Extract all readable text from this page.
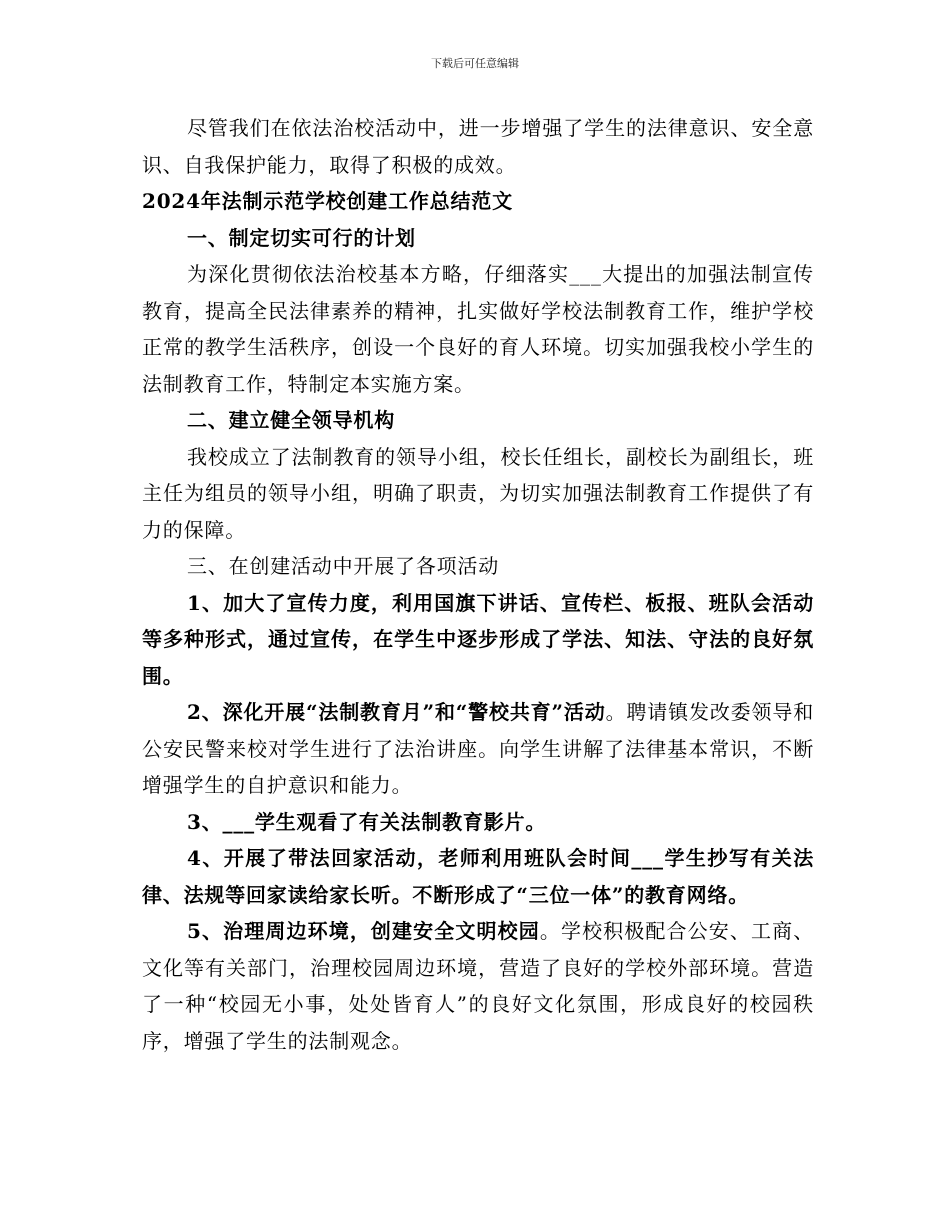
下载后可任意编辑

尽管我们在依法治校活动中，进一步增强了学生的法律意识、安全意识、自我保护能力，取得了积极的成效。

2024年法制示范学校创建工作总结范文

一、制定切实可行的计划

为深化贯彻依法治校基本方略，仔细落实___大提出的加强法制宣传教育，提高全民法律素养的精神，扎实做好学校法制教育工作，维护学校正常的教学生活秩序，创设一个良好的育人环境。切实加强我校小学生的法制教育工作，特制定本实施方案。

二、建立健全领导机构

我校成立了法制教育的领导小组，校长任组长，副校长为副组长，班主任为组员的领导小组，明确了职责，为切实加强法制教育工作提供了有力的保障。

三、在创建活动中开展了各项活动

1、加大了宣传力度，利用国旗下讲话、宣传栏、板报、班队会活动等多种形式，通过宣传，在学生中逐步形成了学法、知法、守法的良好氛围。

2、深化开展“法制教育月”和“警校共育”活动。聘请镇发改委领导和公安民警来校对学生进行了法治讲座。向学生讲解了法律基本常识，不断增强学生的自护意识和能力。

3、___学生观看了有关法制教育影片。

4、开展了带法回家活动，老师利用班队会时间___学生抄写有关法律、法规等回家读给家长听。不断形成了“三位一体”的教育网络。

5、治理周边环境，创建安全文明校园。学校积极配合公安、工商、文化等有关部门，治理校园周边环境，营造了良好的学校外部环境。营造了一种“校园无小事，处处皆育人”的良好文化氛围，形成良好的校园秩序，增强了学生的法制观念。
